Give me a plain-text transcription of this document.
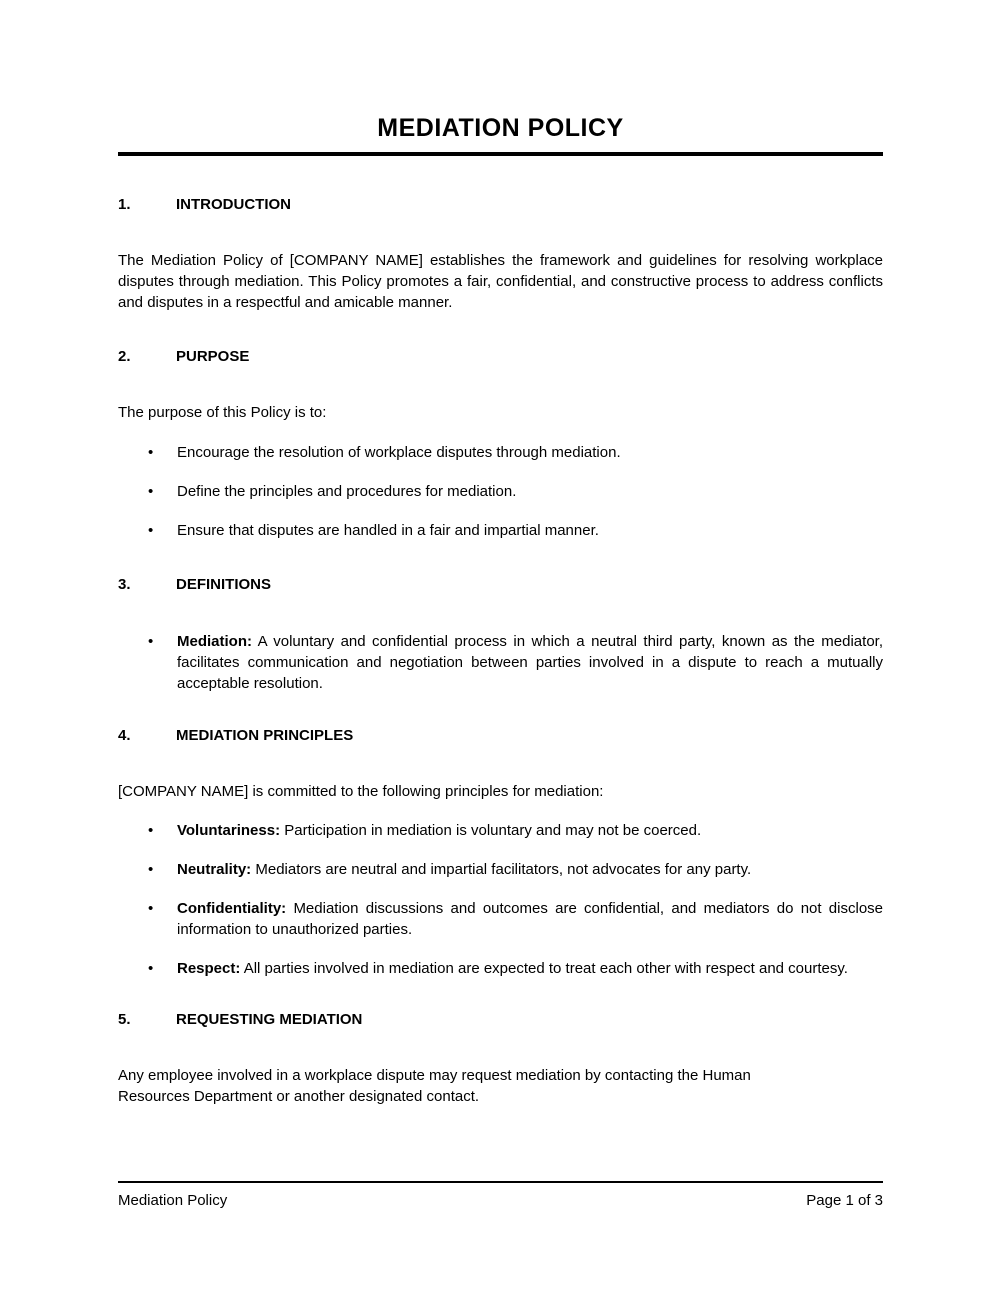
MEDIATION POLICY
1.	INTRODUCTION

The Mediation Policy of [COMPANY NAME] establishes the framework and guidelines for resolving workplace disputes through mediation. This Policy promotes a fair, confidential, and constructive process to address conflicts and disputes in a respectful and amicable manner.

2.	PURPOSE

The purpose of this Policy is to:

• Encourage the resolution of workplace disputes through mediation.
• Define the principles and procedures for mediation.
• Ensure that disputes are handled in a fair and impartial manner.
3.	DEFINITIONS
• Mediation: A voluntary and confidential process in which a neutral third party, known as the mediator, facilitates communication and negotiation between parties involved in a dispute to reach a mutually acceptable resolution.
4.	MEDIATION PRINCIPLES

[COMPANY NAME] is committed to the following principles for mediation:

• Voluntariness: Participation in mediation is voluntary and may not be coerced.
• Neutrality: Mediators are neutral and impartial facilitators, not advocates for any party.
• Confidentiality: Mediation discussions and outcomes are confidential, and mediators do not disclose information to unauthorized parties.
• Respect: All parties involved in mediation are expected to treat each other with respect and courtesy.
5.	REQUESTING MEDIATION

Any employee involved in a workplace dispute may request mediation by contacting the Human Resources Department or another designated contact.

Mediation Policy	Page 1 of 3
